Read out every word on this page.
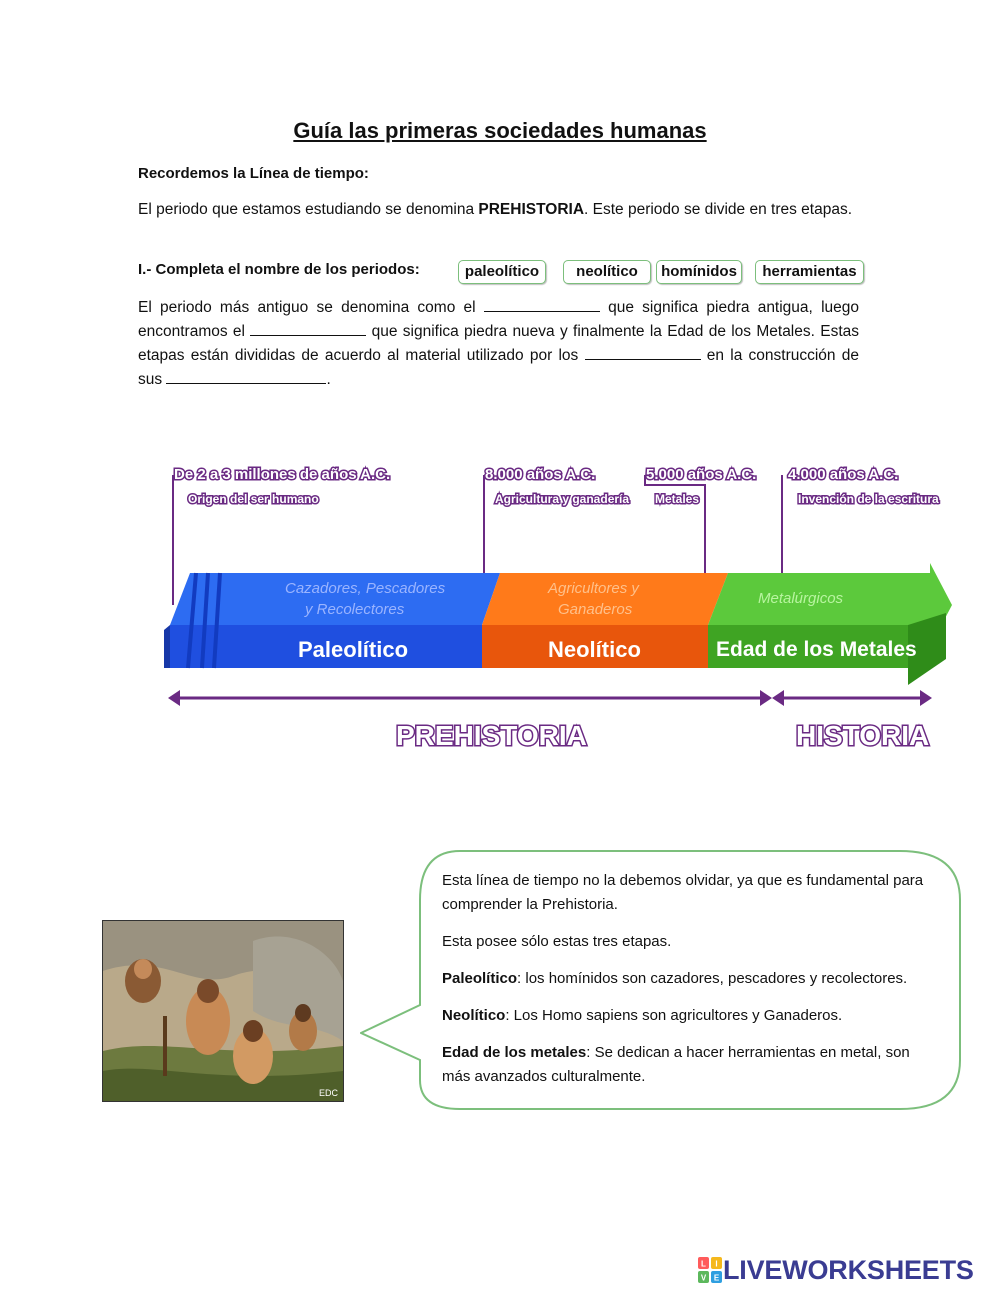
Guía las primeras sociedades humanas
Recordemos la Línea de tiempo:
El periodo que estamos estudiando se denomina PREHISTORIA. Este periodo se divide en tres etapas.
I.- Completa el nombre de los periodos:	paleolítico	neolítico	homínidos	herramientas
El periodo más antiguo se denomina como el	que significa piedra antigua, luego encontramos el	que significa piedra nueva y finalmente la Edad de los Metales. Estas etapas están divididas de acuerdo al material utilizado por los	en la construcción de sus	.
De 2 a 3 millones de años A.C.
Origen del ser humano
8.000 años A.C.
Agricultura y ganadería
5.000 años A.C.
Metales
4.000 años A.C.
Invención de la escritura
Cazadores, Pescadores
y Recolectores
Paleolítico
Agricultores y
Ganaderos
Neolítico
Metalúrgicos
Edad de los Metales
PREHISTORIA	HISTORIA
EDC

Esta línea de tiempo no la debemos olvidar, ya que es fundamental para comprender la Prehistoria.

Esta posee sólo estas tres etapas.

Paleolítico: los homínidos son cazadores, pescadores y recolectores.

Neolítico: Los Homo sapiens son agricultores y Ganaderos.

Edad de los metales: Se dedican a hacer herramientas en metal, son más avanzados culturalmente.

L I
V E LIVEWORKSHEETS
